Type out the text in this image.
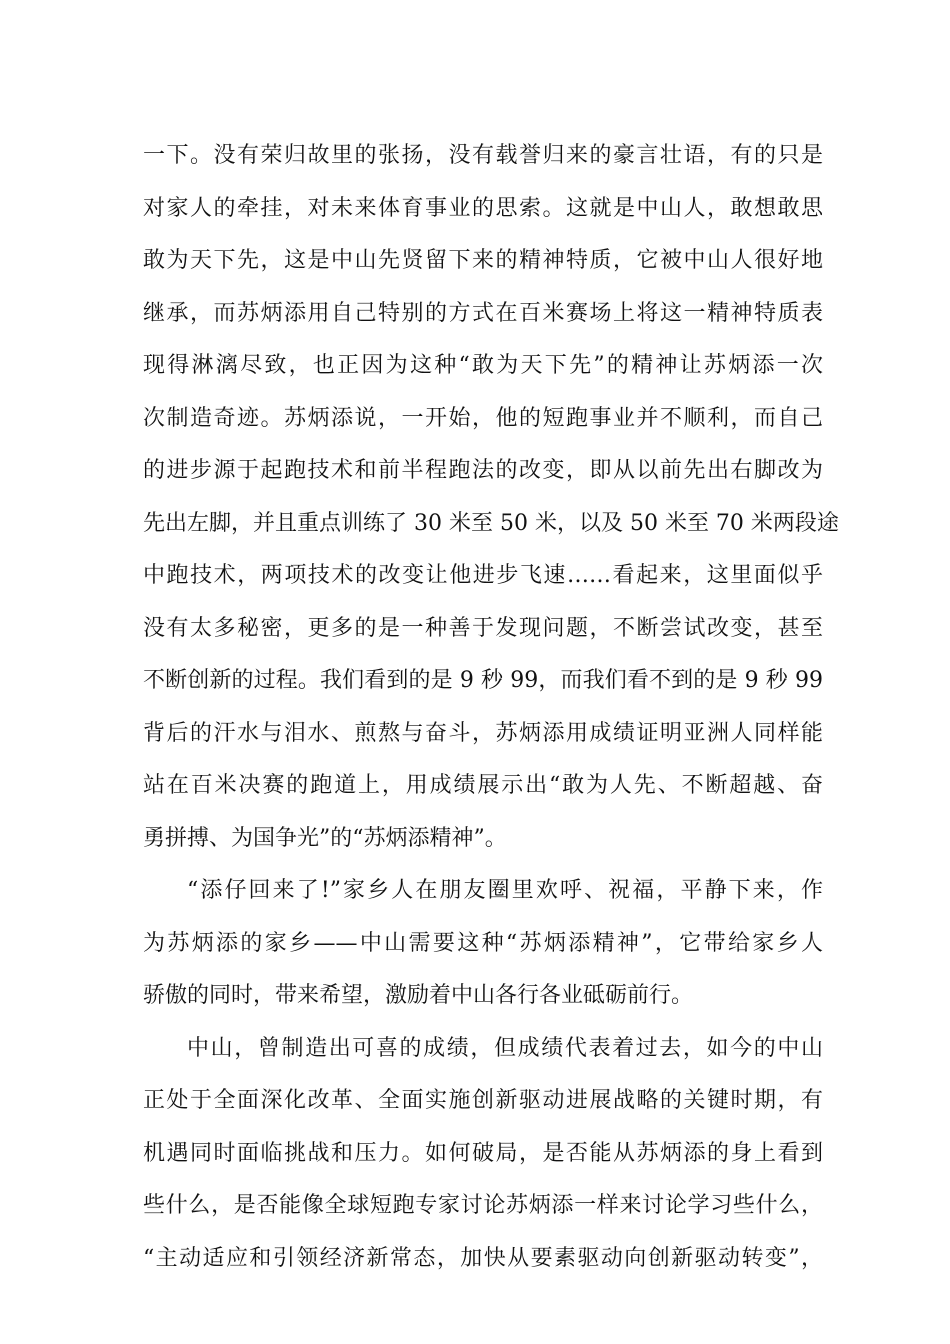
一下。没有荣归故里的张扬，没有载誉归来的豪言壮语，有的只是
对家人的牵挂，对未来体育事业的思索。这就是中山人，敢想敢思
敢为天下先，这是中山先贤留下来的精神特质，它被中山人很好地
继承，而苏炳添用自己特别的方式在百米赛场上将这一精神特质表
现得淋漓尽致，也正因为这种“敢为天下先”的精神让苏炳添一次
次制造奇迹。苏炳添说，一开始，他的短跑事业并不顺利，而自己
的进步源于起跑技术和前半程跑法的改变，即从以前先出右脚改为
先出左脚，并且重点训练了 30 米至 50 米，以及 50 米至 70 米两段途
中跑技术，两项技术的改变让他进步飞速……看起来，这里面似乎
没有太多秘密，更多的是一种善于发现问题，不断尝试改变，甚至
不断创新的过程。我们看到的是 9 秒 99，而我们看不到的是 9 秒 99
背后的汗水与泪水、煎熬与奋斗，苏炳添用成绩证明亚洲人同样能
站在百米决赛的跑道上，用成绩展示出“敢为人先、不断超越、奋
勇拼搏、为国争光”的“苏炳添精神”。
“添仔回来了!”家乡人在朋友圈里欢呼、祝福，平静下来，作
为苏炳添的家乡——中山需要这种“苏炳添精神”，它带给家乡人
骄傲的同时，带来希望，激励着中山各行各业砥砺前行。
中山，曾制造出可喜的成绩，但成绩代表着过去，如今的中山
正处于全面深化改革、全面实施创新驱动进展战略的关键时期，有
机遇同时面临挑战和压力。如何破局，是否能从苏炳添的身上看到
些什么，是否能像全球短跑专家讨论苏炳添一样来讨论学习些什么，
“主动适应和引领经济新常态，加快从要素驱动向创新驱动转变”，
